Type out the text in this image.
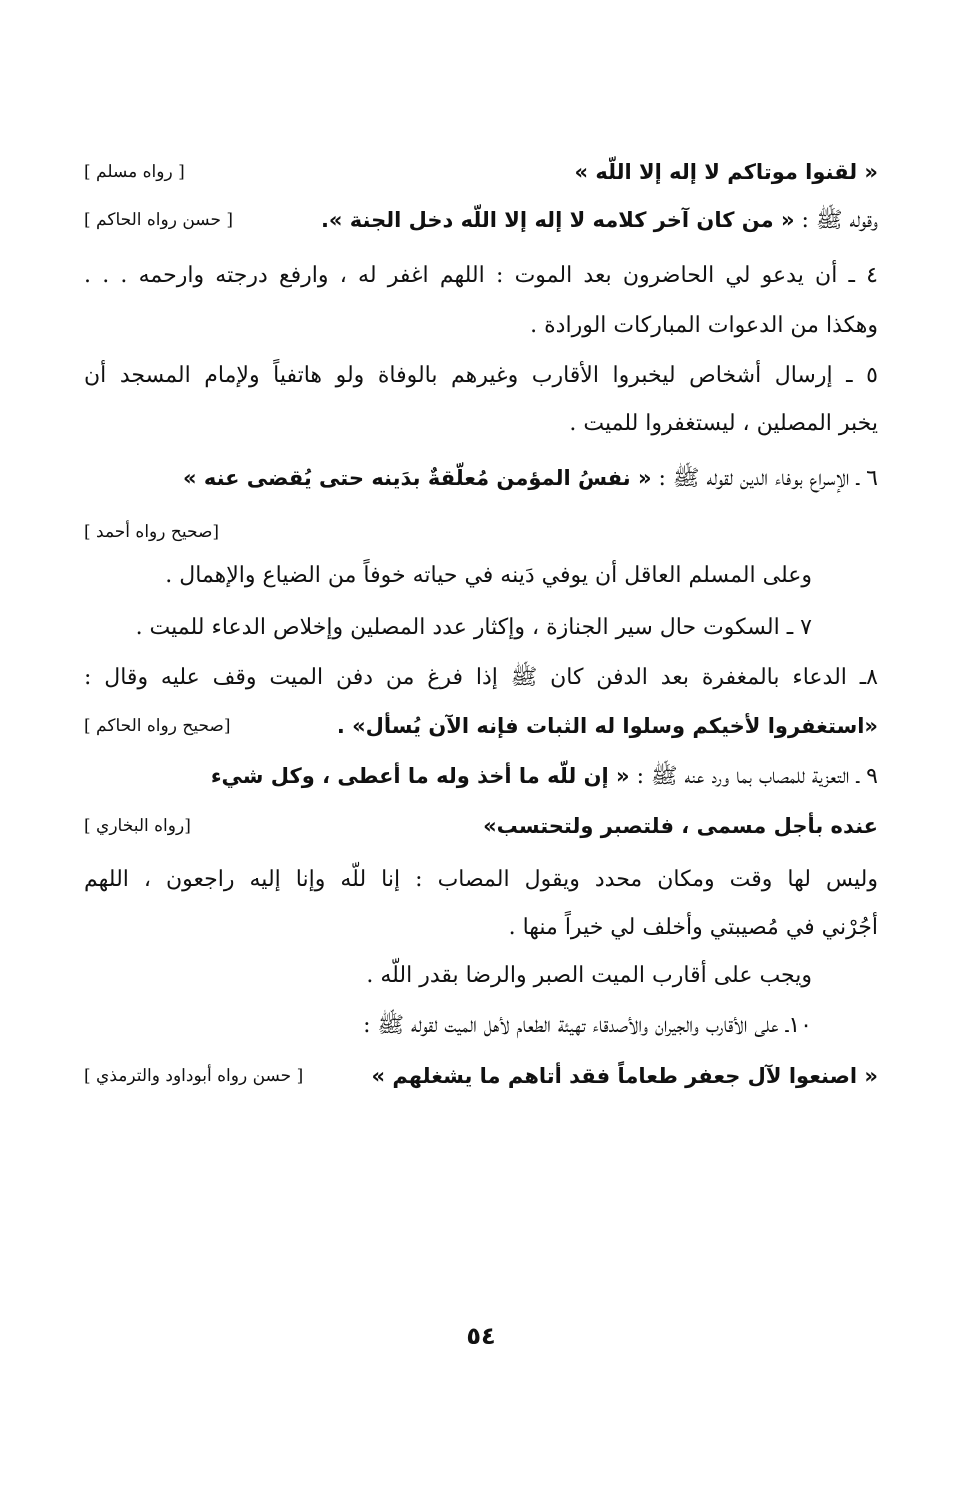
« لقنوا موتاكم لا إله إلا اللّه »
[ رواه مسلم ]
وقوله ﷺ : « من كان آخر كلامه لا إله إلا اللّه دخل الجنة ».
[ حسن رواه الحاكم ]
٤ ـ أن يدعو لي الحاضرون بعد الموت : اللهم اغفر له ، وارفع درجته وارحمه . . .
وهكذا من الدعوات المباركات الورادة .
٥ ـ إرسال أشخاص ليخبروا الأقارب وغيرهم بالوفاة ولو هاتفياً ولإمام المسجد أن
يخبر المصلين ، ليستغفروا للميت .
٦ ـ الإسراع بوفاء الدين لقوله ﷺ : « نفسُ المؤمن مُعلّقةٌ بدَينه حتى يُقضى عنه »
[صحيح رواه أحمد ]
وعلى المسلم العاقل أن يوفي دَينه في حياته خوفاً من الضياع والإهمال .
٧ ـ السكوت حال سير الجنازة ، وإكثار عدد المصلين وإخلاص الدعاء للميت .
٨ـ الدعاء بالمغفرة بعد الدفن كان ﷺ إذا فرغ من دفن الميت وقف عليه وقال :
«استغفروا لأخيكم وسلوا له الثبات فإنه الآن يُسأل» .
[صحيح رواه الحاكم ]
٩ ـ التعزية للمصاب بما ورد عنه ﷺ : « إن للّه ما أخذ وله ما أعطى ، وكل شيء
عنده بأجل مسمى ، فلتصبر ولتحتسب»
[رواه البخاري ]
وليس لها وقت ومكان محدد ويقول المصاب : إنا للّه وإنا إليه راجعون ، اللهم
أجُرْني في مُصيبتي وأخلف لي خيراً منها .
ويجب على أقارب الميت الصبر والرضا بقدر اللّه .
١٠ـ على الأقارب والجيران والأصدقاء تهيئة الطعام لأهل الميت لقوله ﷺ :
« اصنعوا لآل جعفر طعاماً فقد أتاهم ما يشغلهم »
[ حسن رواه أبوداود والترمذي ]
٥٤
